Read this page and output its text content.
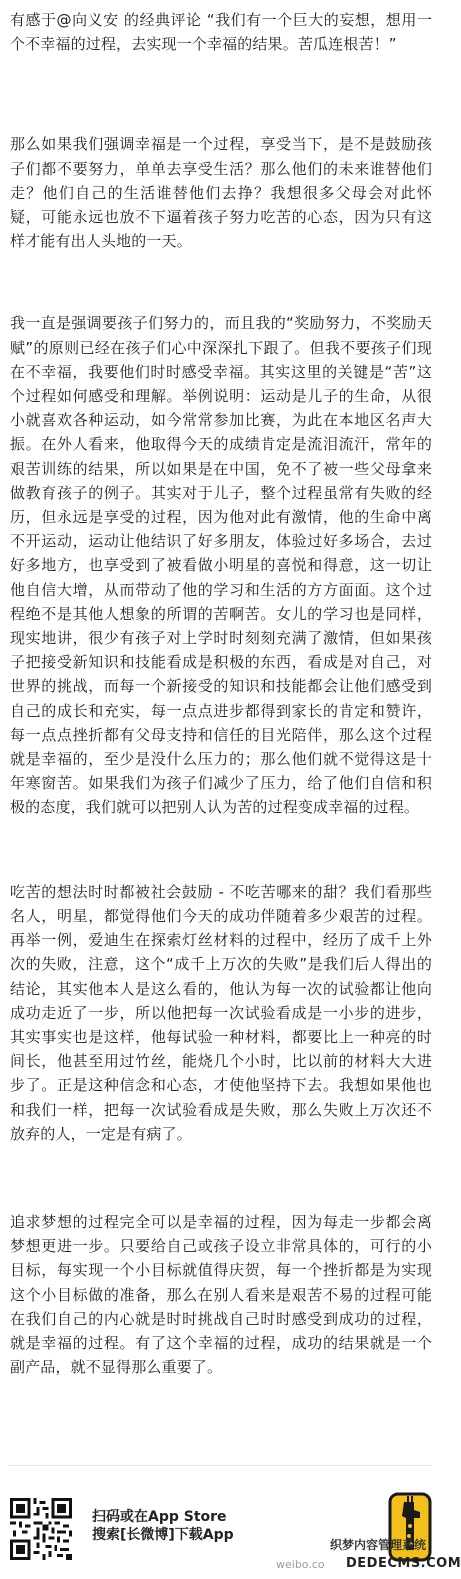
有感于@向义安 的经典评论 “我们有一个巨大的妄想，想用一个不幸福的过程，去实现一个幸福的结果。苦瓜连根苦！”

那么如果我们强调幸福是一个过程，享受当下，是不是鼓励孩子们都不要努力，单单去享受生活？那么他们的未来谁替他们走？他们自己的生活谁替他们去挣？我想很多父母会对此怀疑，可能永远也放不下逼着孩子努力吃苦的心态，因为只有这样才能有出人头地的一天。

我一直是强调要孩子们努力的，而且我的“奖励努力，不奖励天赋”的原则已经在孩子们心中深深扎下跟了。但我不要孩子们现在不幸福，我要他们时时感受幸福。其实这里的关键是“苦”这个过程如何感受和理解。举例说明：运动是儿子的生命，从很小就喜欢各种运动，如今常常参加比赛，为此在本地区名声大振。在外人看来，他取得今天的成绩肯定是流泪流汗，常年的艰苦训练的结果，所以如果是在中国，免不了被一些父母拿来做教育孩子的例子。其实对于儿子，整个过程虽常有失败的经历，但永远是享受的过程，因为他对此有激情，他的生命中离不开运动，运动让他结识了好多朋友，体验过好多场合，去过好多地方，也享受到了被看做小明星的喜悦和得意，这一切让他自信大增，从而带动了他的学习和生活的方方面面。这个过程绝不是其他人想象的所谓的苦啊苦。女儿的学习也是同样，现实地讲，很少有孩子对上学时时刻刻充满了激情，但如果孩子把接受新知识和技能看成是积极的东西，看成是对自己，对世界的挑战，而每一个新接受的知识和技能都会让他们感受到自己的成长和充实，每一点点进步都得到家长的肯定和赞许，每一点点挫折都有父母支持和信任的目光陪伴，那么这个过程就是幸福的，至少是没什么压力的；那么他们就不觉得这是十年寒窗苦。如果我们为孩子们减少了压力，给了他们自信和积极的态度，我们就可以把别人认为苦的过程变成幸福的过程。

吃苦的想法时时都被社会鼓励 - 不吃苦哪来的甜？我们看那些名人，明星，都觉得他们今天的成功伴随着多少艰苦的过程。再举一例，爱迪生在探索灯丝材料的过程中，经历了成千上外次的失败，注意，这个“成千上万次的失败”是我们后人得出的结论，其实他本人是这么看的，他认为每一次的试验都让他向成功走近了一步，所以他把每一次试验看成是一小步的进步，其实事实也是这样，他每试验一种材料，都要比上一种亮的时间长，他甚至用过竹丝，能烧几个小时，比以前的材料大大进步了。正是这种信念和心态，才使他坚持下去。我想如果他也和我们一样，把每一次试验看成是失败，那么失败上万次还不放弃的人，一定是有病了。

追求梦想的过程完全可以是幸福的过程，因为每走一步都会离梦想更进一步。只要给自己或孩子设立非常具体的，可行的小目标，每实现一个小目标就值得庆贺，每一个挫折都是为实现这个小目标做的准备，那么在别人看来是艰苦不易的过程可能在我们自己的内心就是时时挑战自己时时感受到成功的过程，就是幸福的过程。有了这个幸福的过程，成功的结果就是一个副产品，就不显得那么重要了。

扫码或在App Store
搜索[长微博]下载App
织梦内容管理系统
weibo.co DEDECMS.COM
